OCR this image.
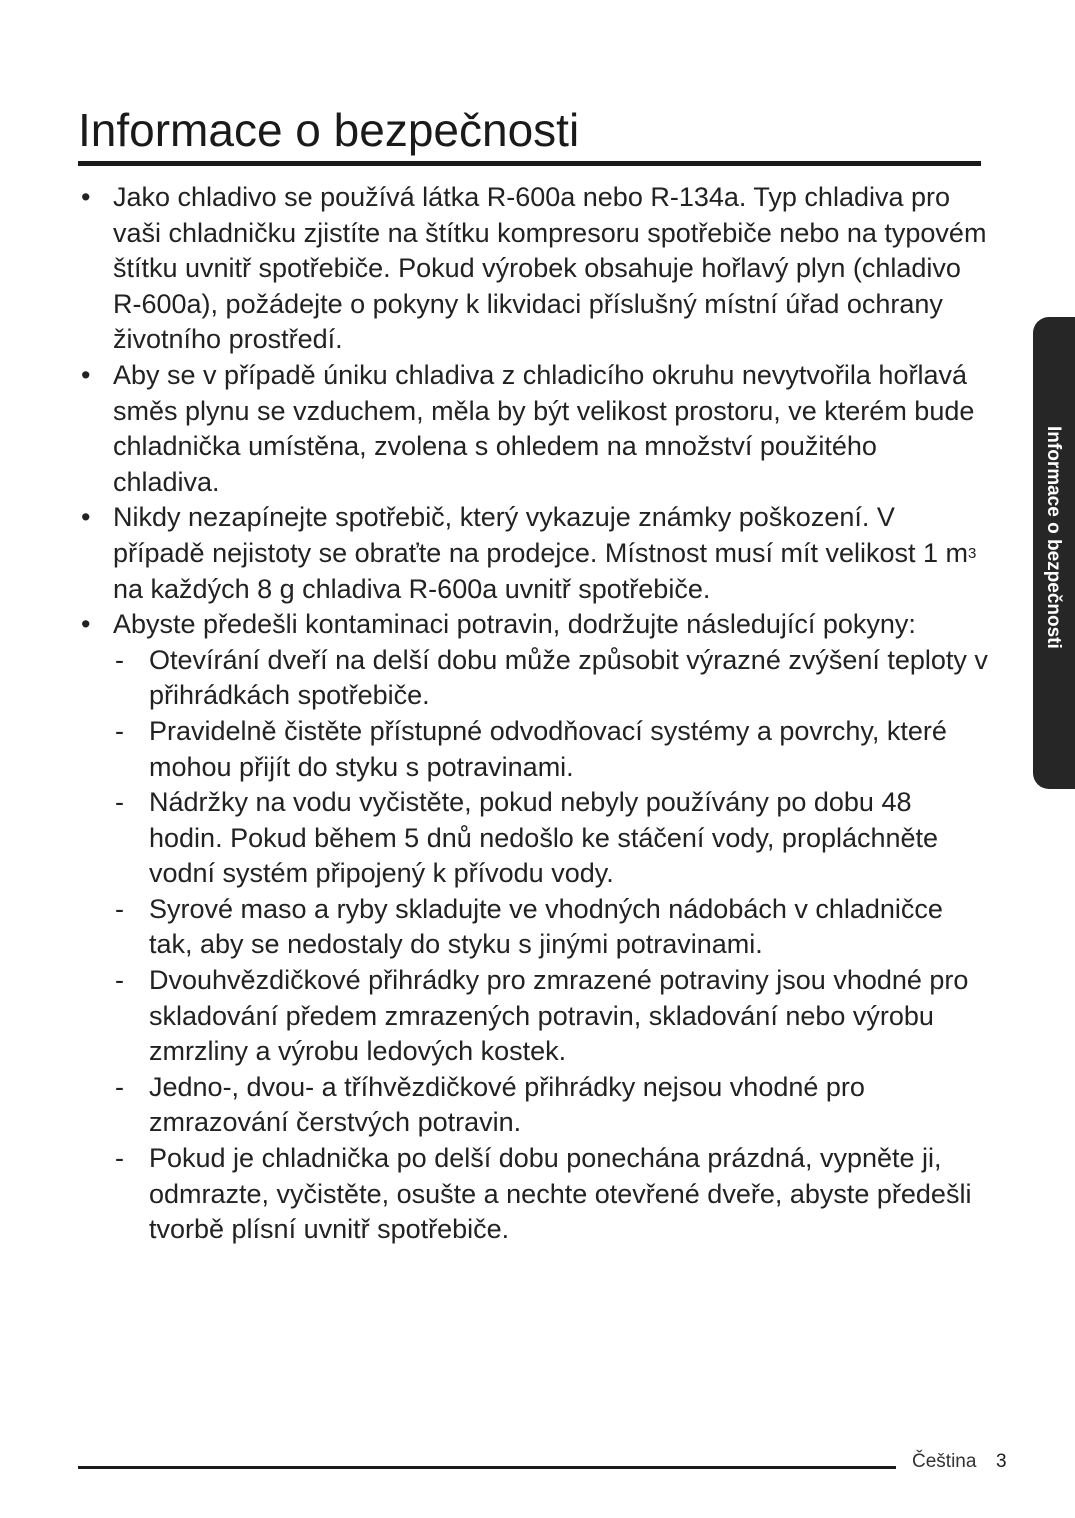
Informace o bezpečnosti
• Jako chladivo se používá látka R-600a nebo R-134a. Typ chladiva pro vaši chladničku zjistíte na štítku kompresoru spotřebiče nebo na typovém štítku uvnitř spotřebiče. Pokud výrobek obsahuje hořlavý plyn (chladivo R-600a), požádejte o pokyny k likvidaci příslušný místní úřad ochrany životního prostředí.
• Aby se v případě úniku chladiva z chladicího okruhu nevytvořila hořlavá směs plynu se vzduchem, měla by být velikost prostoru, ve kterém bude chladnička umístěna, zvolena s ohledem na množství použitého chladiva.
• Nikdy nezapínejte spotřebič, který vykazuje známky poškození. V případě nejistoty se obraťte na prodejce. Místnost musí mít velikost 1 $m^3$ na každých 8 g chladiva R-600a uvnitř spotřebiče.
• Abyste předešli kontaminaci potravin, dodržujte následující pokyny:
- Otevírání dveří na delší dobu může způsobit výrazné zvýšení teploty v přihrádkách spotřebiče.
- Pravidelně čistěte přístupné odvodňovací systémy a povrchy, které mohou přijít do styku s potravinami.
- Nádržky na vodu vyčistěte, pokud nebyly používány po dobu 48 hodin. Pokud během 5 dnů nedošlo ke stáčení vody, propláchněte vodní systém připojený k přívodu vody.
- Syrové maso a ryby skladujte ve vhodných nádobách v chladničce tak, aby se nedostaly do styku s jinými potravinami.
- Dvouhvězdičkové přihrádky pro zmrazené potraviny jsou vhodné pro skladování předem zmrazených potravin, skladování nebo výrobu zmrzliny a výrobu ledových kostek.
- Jedno-, dvou- a tříhvězdičkové přihrádky nejsou vhodné pro zmrazování čerstvých potravin.
- Pokud je chladnička po delší dobu ponechána prázdná, vypněte ji, odmrazte, vyčistěte, osušte a nechte otevřené dveře, abyste předešli tvorbě plísní uvnitř spotřebiče.
Informace o bezpečnosti
Čeština 3
